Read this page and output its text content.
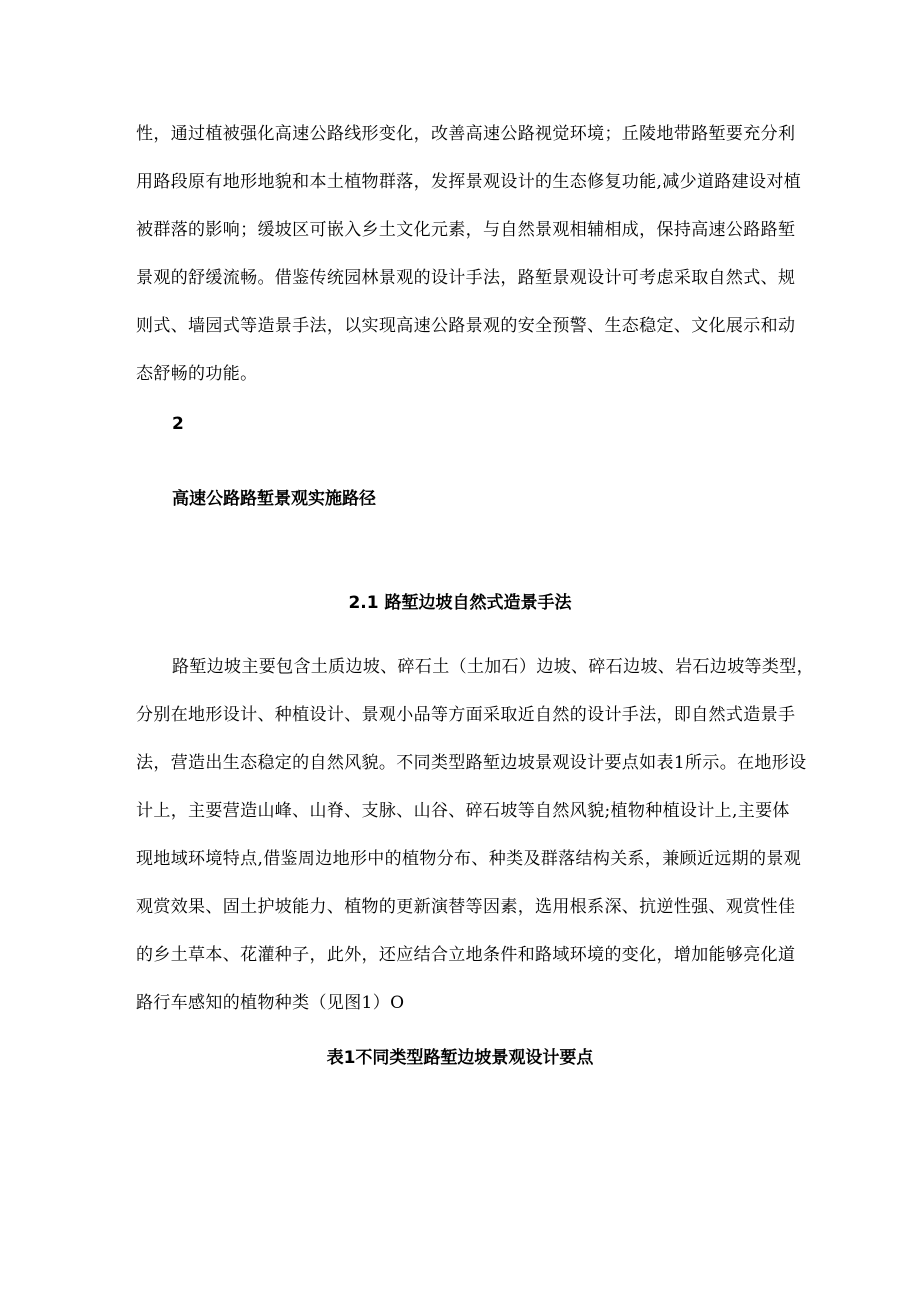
性，通过植被强化高速公路线形变化，改善高速公路视觉环境；丘陵地带路堑要充分利
用路段原有地形地貌和本土植物群落，发挥景观设计的生态修复功能,减少道路建设对植
被群落的影响；缓坡区可嵌入乡土文化元素，与自然景观相辅相成，保持高速公路路堑
景观的舒缓流畅。借鉴传统园林景观的设计手法，路堑景观设计可考虑采取自然式、规
则式、墙园式等造景手法，以实现高速公路景观的安全预警、生态稳定、文化展示和动
态舒畅的功能。
2
高速公路路堑景观实施路径
2.1 路堑边坡自然式造景手法
路堑边坡主要包含土质边坡、碎石土（土加石）边坡、碎石边坡、岩石边坡等类型，
分别在地形设计、种植设计、景观小品等方面采取近自然的设计手法，即自然式造景手
法，营造出生态稳定的自然风貌。不同类型路堑边坡景观设计要点如表1所示。在地形设
计上，主要营造山峰、山脊、支脉、山谷、碎石坡等自然风貌;植物种植设计上,主要体
现地域环境特点,借鉴周边地形中的植物分布、种类及群落结构关系，兼顾近远期的景观
观赏效果、固土护坡能力、植物的更新演替等因素，选用根系深、抗逆性强、观赏性佳
的乡土草本、花灌种子，此外，还应结合立地条件和路域环境的变化，增加能够亮化道
路行车感知的植物种类（见图1）O
表1不同类型路堑边坡景观设计要点
